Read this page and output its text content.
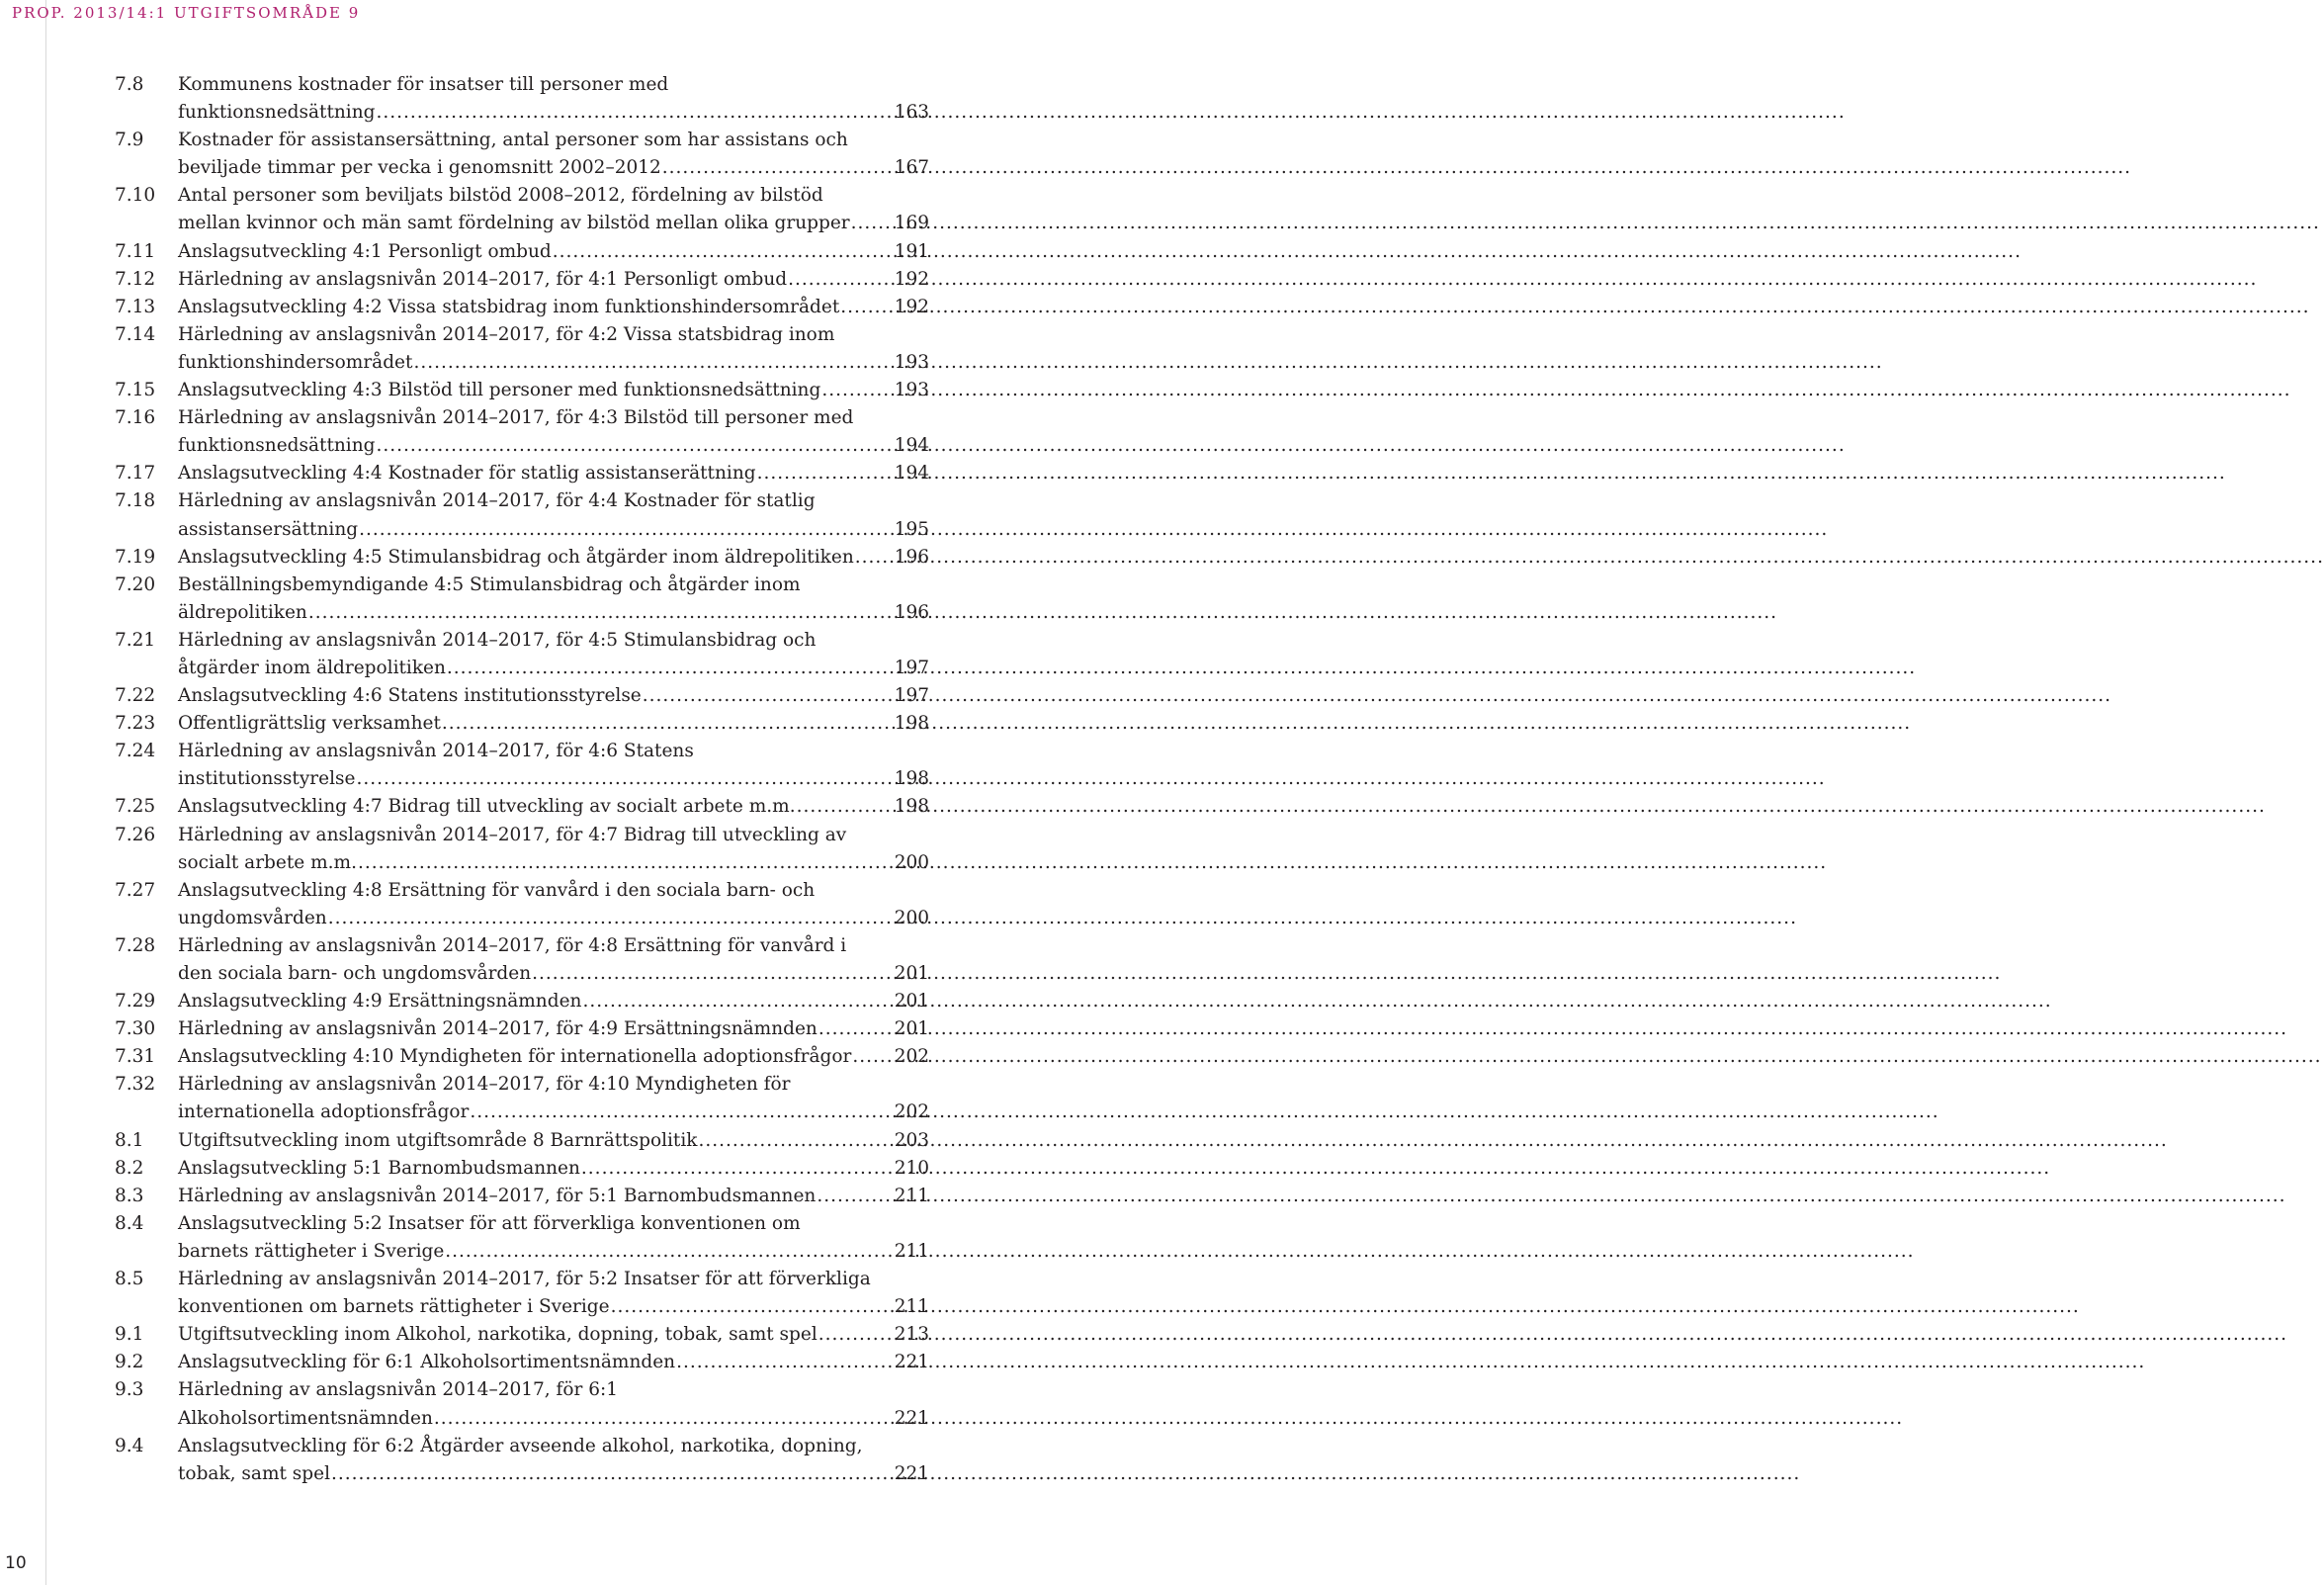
PROP. 2013/14:1 UTGIFTSOMRÅDE 9
7.8	Kommunens kostnader för insatser till personer med
funktionsnedsättning .....	163
7.9	Kostnader för assistansersättning, antal personer som har assistans och
beviljade timmar per vecka i genomsnitt 2002–2012 .....	167
7.10	Antal personer som beviljats bilstöd 2008–2012, fördelning av bilstöd
mellan kvinnor och män samt fördelning av bilstöd mellan olika grupper ..... 169
7.11	Anslagsutveckling 4:1 Personligt ombud .....	191
7.12	Härledning av anslagsnivån 2014–2017, för 4:1 Personligt ombud .....	192
7.13	Anslagsutveckling 4:2 Vissa statsbidrag inom funktionshindersområdet .....	192
7.14	Härledning av anslagsnivån 2014–2017, för 4:2 Vissa statsbidrag inom
funktionshindersområdet .....	193
7.15	Anslagsutveckling 4:3 Bilstöd till personer med funktionsnedsättning .....	193
7.16	Härledning av anslagsnivån 2014–2017, för 4:3 Bilstöd till personer med
funktionsnedsättning .....	194
7.17	Anslagsutveckling 4:4 Kostnader för statlig assistanserättning .....	194
7.18	Härledning av anslagsnivån 2014–2017, för 4:4 Kostnader för statlig
assistansersättning .....	195
7.19	Anslagsutveckling 4:5 Stimulansbidrag och åtgärder inom äldrepolitiken ..... 196
7.20	Beställningsbemyndigande 4:5 Stimulansbidrag och åtgärder inom
äldrepolitiken .....	196
7.21	Härledning av anslagsnivån 2014–2017, för 4:5 Stimulansbidrag och
åtgärder inom äldrepolitiken .....	197
7.22	Anslagsutveckling 4:6 Statens institutionsstyrelse .....	197
7.23	Offentligrättslig verksamhet .....	198
7.24	Härledning av anslagsnivån 2014–2017, för 4:6 Statens
institutionsstyrelse .....	198
7.25	Anslagsutveckling 4:7 Bidrag till utveckling av socialt arbete m.m. .....	198
7.26	Härledning av anslagsnivån 2014–2017, för 4:7 Bidrag till utveckling av
socialt arbete m.m. .....	200
7.27	Anslagsutveckling 4:8 Ersättning för vanvård i den sociala barn- och
ungdomsvården .....	200
7.28	Härledning av anslagsnivån 2014–2017, för 4:8 Ersättning för vanvård i
den sociala barn- och ungdomsvården .....	201
7.29	Anslagsutveckling 4:9 Ersättningsnämnden .....	201
7.30	Härledning av anslagsnivån 2014–2017, för 4:9 Ersättningsnämnden .....	201
7.31	Anslagsutveckling 4:10 Myndigheten för internationella adoptionsfrågor ..... 202
7.32	Härledning av anslagsnivån 2014–2017, för 4:10 Myndigheten för
internationella adoptionsfrågor .....	202
8.1	Utgiftsutveckling inom utgiftsområde 8 Barnrättspolitik .....	203
8.2	Anslagsutveckling 5:1 Barnombudsmannen .....	210
8.3	Härledning av anslagsnivån 2014–2017, för 5:1 Barnombudsmannen .....	211
8.4	Anslagsutveckling 5:2 Insatser för att förverkliga konventionen om
barnets rättigheter i Sverige .....	211
8.5	Härledning av anslagsnivån 2014–2017, för 5:2 Insatser för att förverkliga
konventionen om barnets rättigheter i Sverige .....	211
9.1	Utgiftsutveckling inom Alkohol, narkotika, dopning, tobak, samt spel .....	213
9.2	Anslagsutveckling för 6:1 Alkoholsortimentsnämnden .....	221
9.3	Härledning av anslagsnivån 2014–2017, för 6:1
Alkoholsortimentsnämnden .....	221
9.4	Anslagsutveckling för 6:2 Åtgärder avseende alkohol, narkotika, dopning,
tobak, samt spel .....	221
10
